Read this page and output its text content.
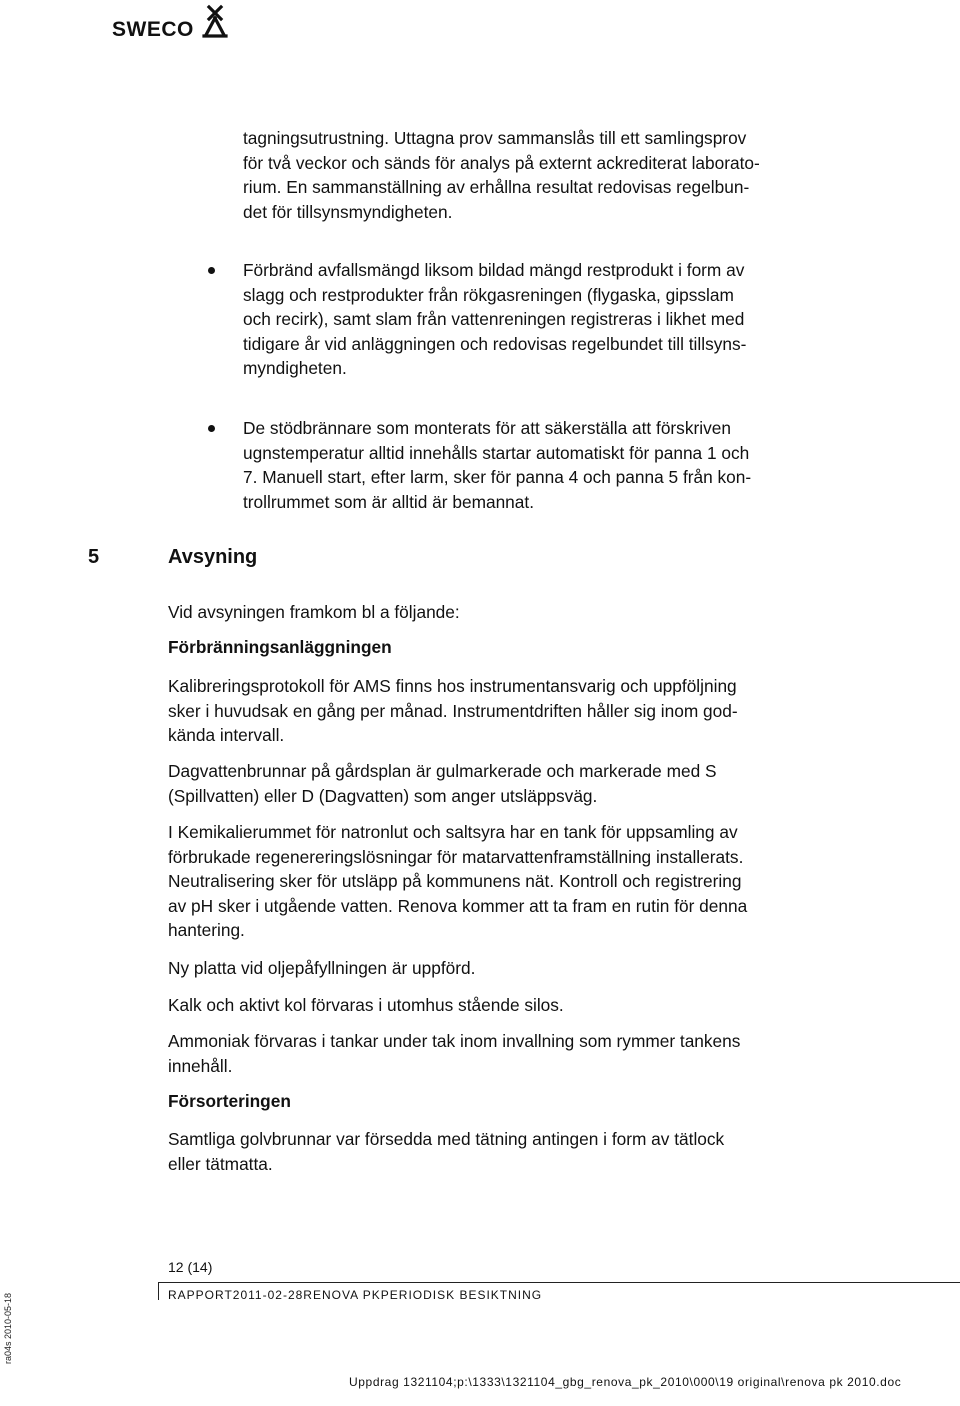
SWECO
tagningsutrustning. Uttagna prov sammanslås till ett samlingsprov
för två veckor och sänds för analys på externt ackrediterat laborato-
rium. En sammanställning av erhållna resultat redovisas regelbun-
det för tillsynsmyndigheten.
Förbränd avfallsmängd liksom bildad mängd restprodukt i form av
slagg och restprodukter från rökgasreningen (flygaska, gipsslam
och recirk), samt slam från vattenreningen registreras i likhet med
tidigare år vid anläggningen och redovisas regelbundet till tillsyns-
myndigheten.
De stödbrännare som monterats för att säkerställa att förskriven
ugnstemperatur alltid innehålls startar automatiskt för panna 1 och
7. Manuell start, efter larm, sker för panna 4 och panna 5 från kon-
trollrummet som är alltid är bemannat.
5	Avsyning
Vid avsyningen framkom bl a följande:
Förbränningsanläggningen
Kalibreringsprotokoll för AMS finns hos instrumentansvarig och uppföljning
sker i huvudsak en gång per månad. Instrumentdriften håller sig inom god-
kända intervall.
Dagvattenbrunnar på gårdsplan är gulmarkerade och markerade med S
(Spillvatten) eller D (Dagvatten) som anger utsläppsväg.
I Kemikalierummet för natronlut och saltsyra har en tank för uppsamling av
förbrukade regenereringslösningar för matarvattenframställning installerats.
Neutralisering sker för utsläpp på kommunens nät. Kontroll och registrering
av pH sker i utgående vatten. Renova kommer att ta fram en rutin för denna
hantering.
Ny platta vid oljepåfyllningen är uppförd.
Kalk och aktivt kol förvaras i utomhus stående silos.
Ammoniak förvaras i tankar under tak inom invallning som rymmer tankens
innehåll.
Försorteringen
Samtliga golvbrunnar var försedda med tätning antingen i form av tätlock
eller tätmatta.
12 (14)
RAPPORT2011-02-28RENOVA PKPERIODISK BESIKTNING
Uppdrag 1321104;p:\1333\1321104_gbg_renova_pk_2010\000\19 original\renova pk 2010.doc
ra04s 2010-05-18
